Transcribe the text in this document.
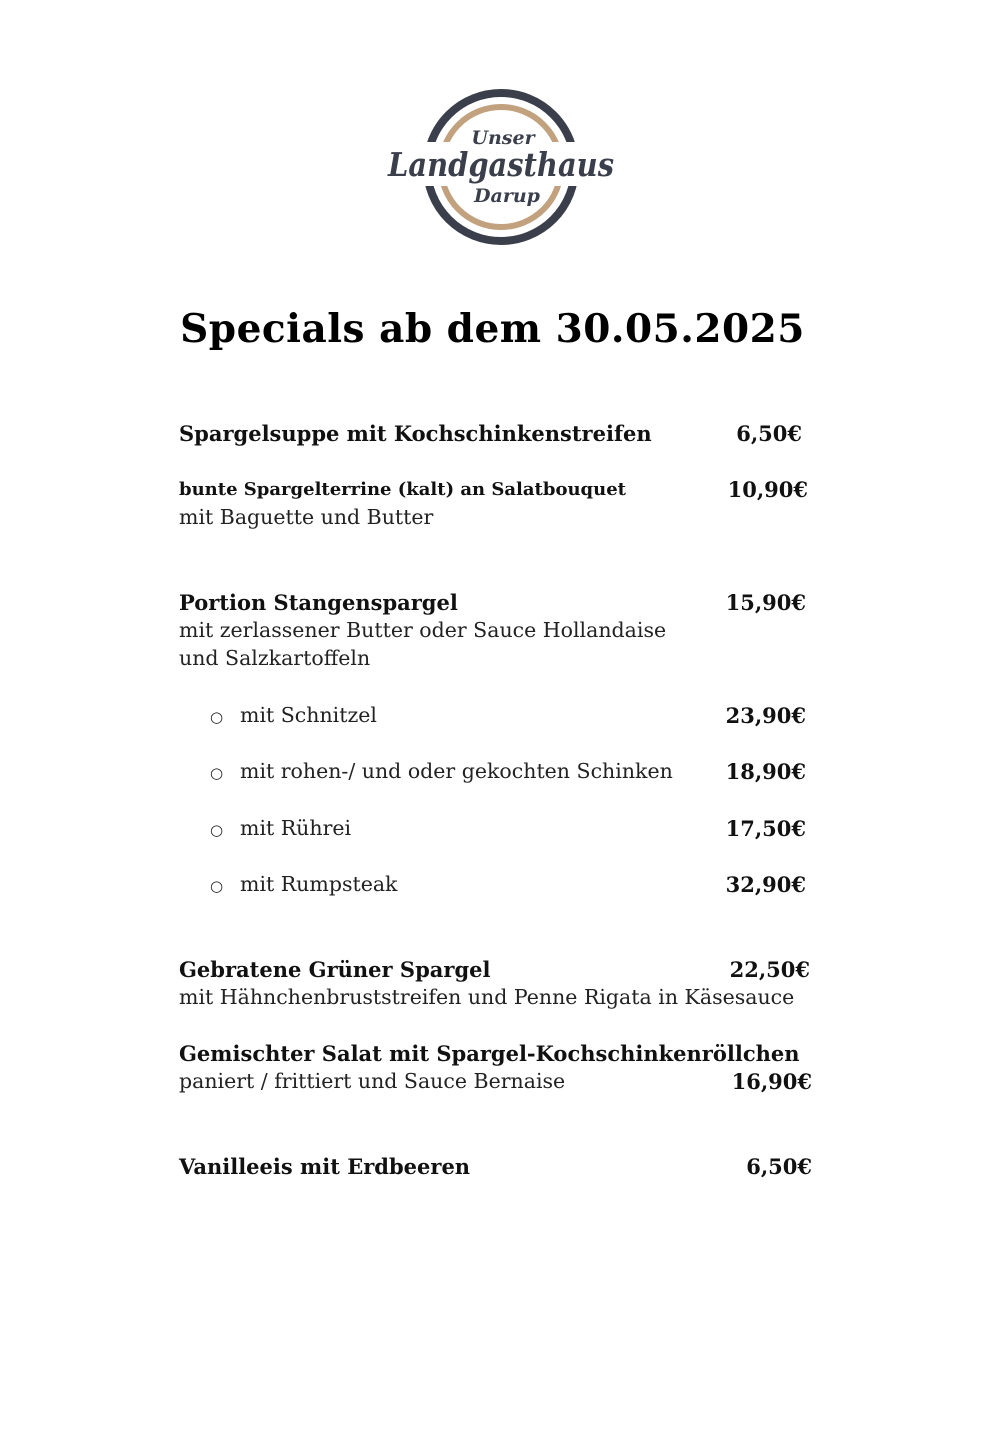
Unser
Landgasthaus
Darup
Specials ab dem 30.05.2025
Spargelsuppe mit Kochschinkenstreifen	6,50€
bunte Spargelterrine (kalt) an Salatbouquet	10,90€
mit Baguette und Butter
Portion Stangenspargel	15,90€
mit zerlassener Butter oder Sauce Hollandaise
und Salzkartoffeln
○ mit Schnitzel	23,90€
○ mit rohen-/ und oder gekochten Schinken	18,90€
○ mit Rührei	17,50€
○ mit Rumpsteak	32,90€
Gebratene Grüner Spargel	22,50€
mit Hähnchenbruststreifen und Penne Rigata in Käsesauce
Gemischter Salat mit Spargel-Kochschinkenröllchen
paniert / frittiert und Sauce Bernaise	16,90€
Vanilleeis mit Erdbeeren	6,50€
